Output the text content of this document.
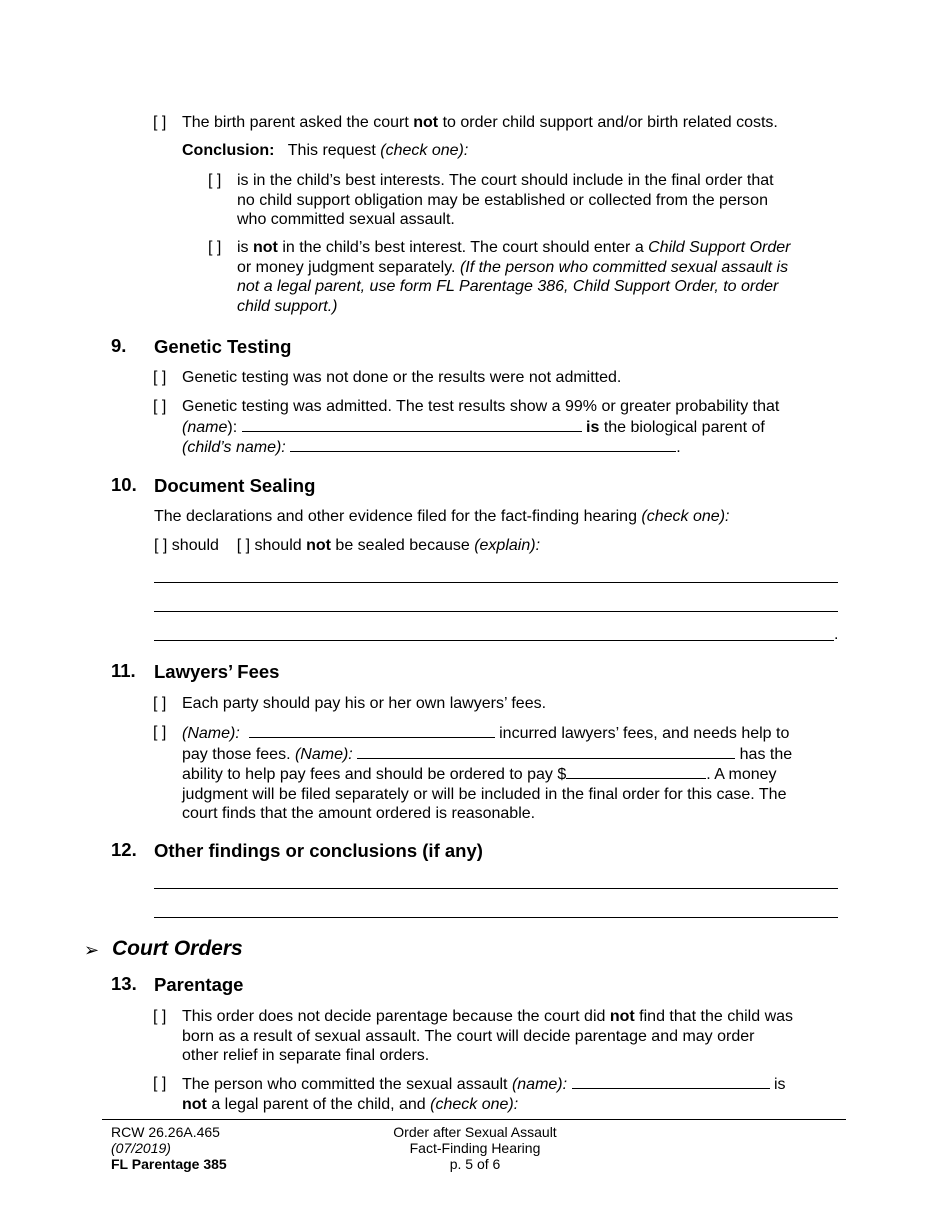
[ ] The birth parent asked the court not to order child support and/or birth related costs.
Conclusion: This request (check one):
[ ] is in the child’s best interests. The court should include in the final order that
no child support obligation may be established or collected from the person
who committed sexual assault.
[ ] is not in the child’s best interest. The court should enter a Child Support Order
or money judgment separately. (If the person who committed sexual assault is
not a legal parent, use form FL Parentage 386, Child Support Order, to order
child support.)
9. Genetic Testing
[ ] Genetic testing was not done or the results were not admitted.
[ ] Genetic testing was admitted. The test results show a 99% or greater probability that
(name):	is the biological parent of
(child’s name):	.
10. Document Sealing
The declarations and other evidence filed for the fact-finding hearing (check one):
[ ] should [ ] should not be sealed because (explain):
.
11. Lawyers’ Fees
[ ] Each party should pay his or her own lawyers’ fees.
[ ] (Name):	incurred lawyers’ fees, and needs help to
pay those fees. (Name):	has the
ability to help pay fees and should be ordered to pay $	. A money
judgment will be filed separately or will be included in the final order for this case. The
court finds that the amount ordered is reasonable.
12. Other findings or conclusions (if any)
➢ Court Orders
13. Parentage
[ ] This order does not decide parentage because the court did not find that the child was
born as a result of sexual assault. The court will decide parentage and may order
other relief in separate final orders.
[ ] The person who committed the sexual assault (name):	is
not a legal parent of the child, and (check one):
RCW 26.26A.465
(07/2019)
FL Parentage 385
Order after Sexual Assault
Fact-Finding Hearing
p. 5 of 6
